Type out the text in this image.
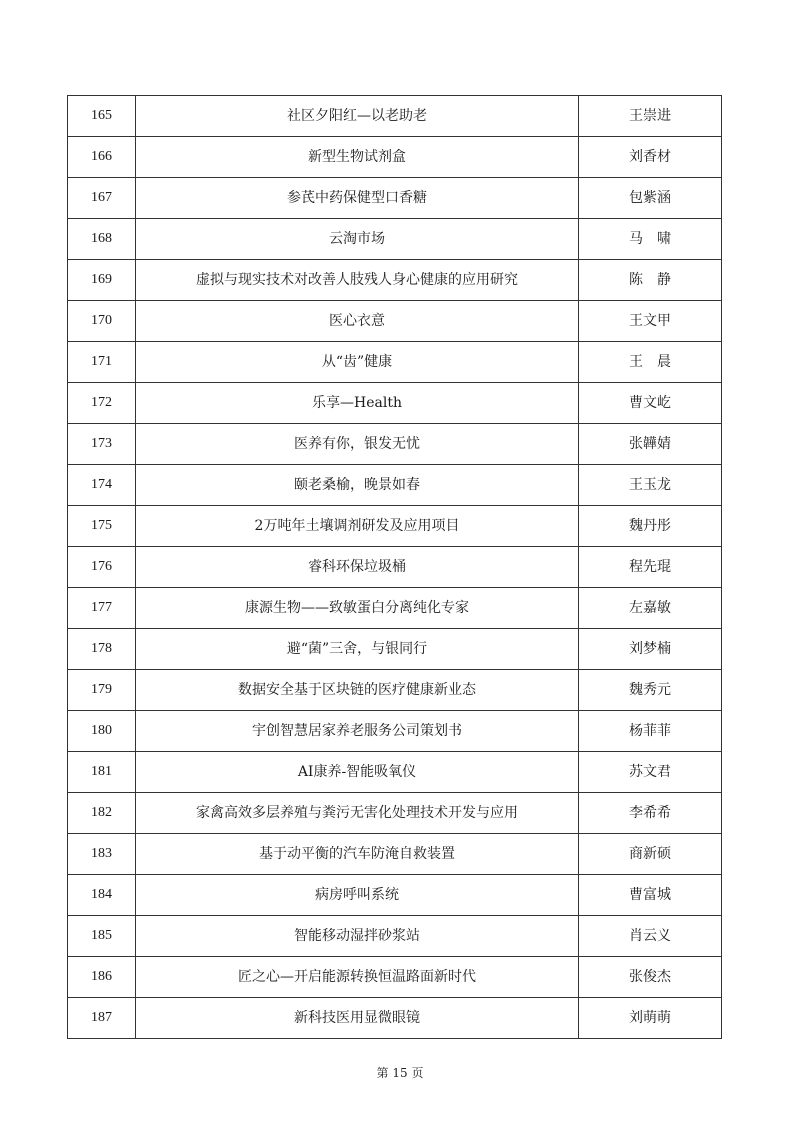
165	社区夕阳红—以老助老	王崇进
166	新型生物试剂盒	刘香材
167	参芪中药保健型口香糖	包紫涵
168	云淘市场	马　啸
169	虚拟与现实技术对改善人肢残人身心健康的应用研究	陈　静
170	医心衣意	王文甲
171	从“齿”健康	王　晨
172	乐享—Health	曹文屹
173	医养有你，银发无忧	张韡婧
174	颐老桑榆，晚景如春	王玉龙
175	2万吨年土壤调剂研发及应用项目	魏丹彤
176	睿科环保垃圾桶	程先琨
177	康源生物——致敏蛋白分离纯化专家	左嘉敏
178	避“菌”三舍，与银同行	刘梦楠
179	数据安全基于区块链的医疗健康新业态	魏秀元
180	宇创智慧居家养老服务公司策划书	杨菲菲
181	AI康养-智能吸氧仪	苏文君
182	家禽高效多层养殖与粪污无害化处理技术开发与应用	李希希
183	基于动平衡的汽车防淹自救装置	商新硕
184	病房呼叫系统	曹富城
185	智能移动湿拌砂浆站	肖云义
186	匠之心—开启能源转换恒温路面新时代	张俊杰
187	新科技医用显微眼镜	刘萌萌
第 15 页
